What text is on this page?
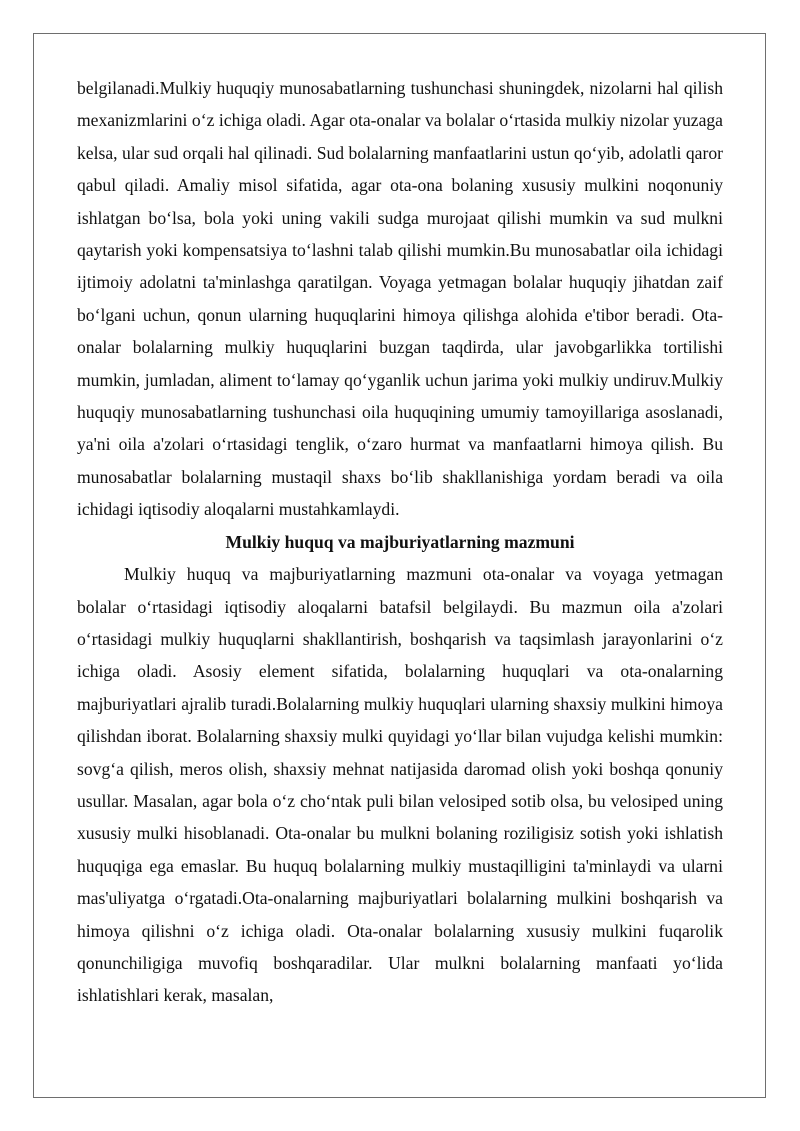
belgilanadi.Mulkiy huquqiy munosabatlarning tushunchasi shuningdek, nizolarni hal qilish mexanizmlarini o‘z ichiga oladi. Agar ota-onalar va bolalar o‘rtasida mulkiy nizolar yuzaga kelsa, ular sud orqali hal qilinadi. Sud bolalarning manfaatlarini ustun qo‘yib, adolatli qaror qabul qiladi. Amaliy misol sifatida, agar ota-ona bolaning xususiy mulkini noqonuniy ishlatgan bo‘lsa, bola yoki uning vakili sudga murojaat qilishi mumkin va sud mulkni qaytarish yoki kompensatsiya to‘lashni talab qilishi mumkin.Bu munosabatlar oila ichidagi ijtimoiy adolatni ta'minlashga qaratilgan. Voyaga yetmagan bolalar huquqiy jihatdan zaif bo‘lgani uchun, qonun ularning huquqlarini himoya qilishga alohida e'tibor beradi. Ota-onalar bolalarning mulkiy huquqlarini buzgan taqdirda, ular javobgarlikka tortilishi mumkin, jumladan, aliment to‘lamay qo‘yganlik uchun jarima yoki mulkiy undiruv.Mulkiy huquqiy munosabatlarning tushunchasi oila huquqining umumiy tamoyillariga asoslanadi, ya'ni oila a'zolari o‘rtasidagi tenglik, o‘zaro hurmat va manfaatlarni himoya qilish. Bu munosabatlar bolalarning mustaqil shaxs bo‘lib shakllanishiga yordam beradi va oila ichidagi iqtisodiy aloqalarni mustahkamlaydi.

Mulkiy huquq va majburiyatlarning mazmuni

Mulkiy huquq va majburiyatlarning mazmuni ota-onalar va voyaga yetmagan bolalar o‘rtasidagi iqtisodiy aloqalarni batafsil belgilaydi. Bu mazmun oila a'zolari o‘rtasidagi mulkiy huquqlarni shakllantirish, boshqarish va taqsimlash jarayonlarini o‘z ichiga oladi. Asosiy element sifatida, bolalarning huquqlari va ota-onalarning majburiyatlari ajralib turadi.Bolalarning mulkiy huquqlari ularning shaxsiy mulkini himoya qilishdan iborat. Bolalarning shaxsiy mulki quyidagi yo‘llar bilan vujudga kelishi mumkin: sovg‘a qilish, meros olish, shaxsiy mehnat natijasida daromad olish yoki boshqa qonuniy usullar. Masalan, agar bola o‘z cho‘ntak puli bilan velosiped sotib olsa, bu velosiped uning xususiy mulki hisoblanadi. Ota-onalar bu mulkni bolaning roziligisiz sotish yoki ishlatish huquqiga ega emaslar. Bu huquq bolalarning mulkiy mustaqilligini ta'minlaydi va ularni mas'uliyatga o‘rgatadi.Ota-onalarning majburiyatlari bolalarning mulkini boshqarish va himoya qilishni o‘z ichiga oladi. Ota-onalar bolalarning xususiy mulkini fuqarolik qonunchiligiga muvofiq boshqaradilar. Ular mulkni bolalarning manfaati yo‘lida ishlatishlari kerak, masalan,
